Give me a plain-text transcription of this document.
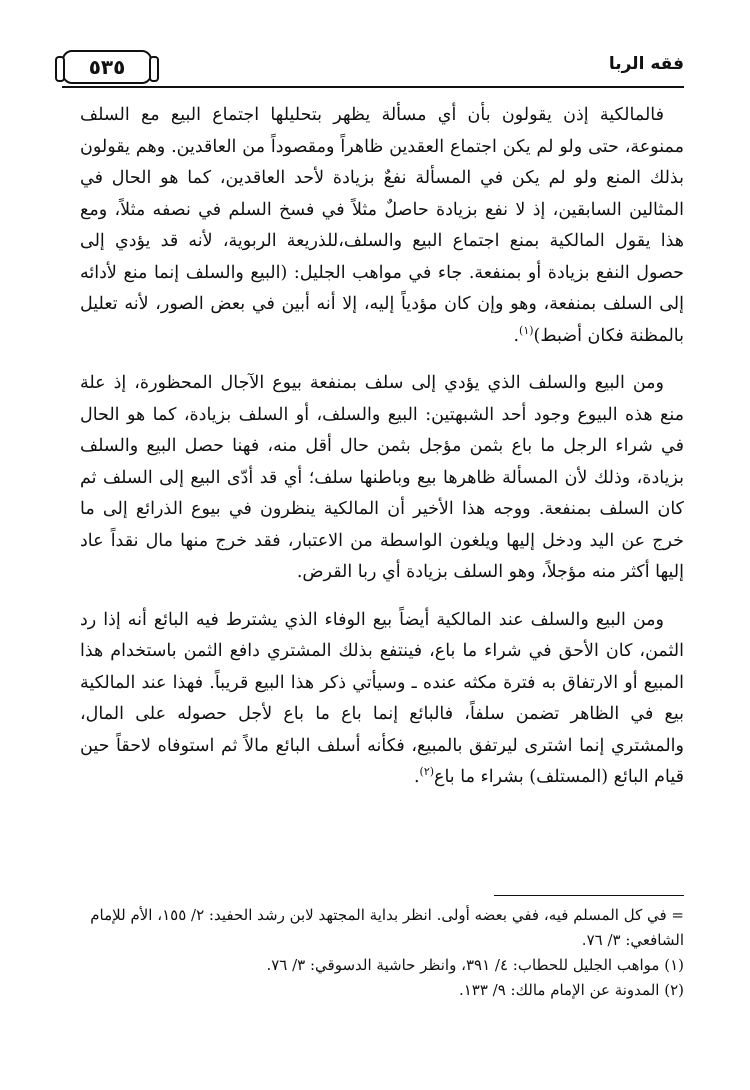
٥٣٥	فقه الربا

فالمالكية إذن يقولون بأن أي مسألة يظهر بتحليلها اجتماع البيع مع السلف ممنوعة، حتى ولو لم يكن اجتماع العقدين ظاهراً ومقصوداً من العاقدين. وهم يقولون بذلك المنع ولو لم يكن في المسألة نفعٌ بزيادة لأحد العاقدين، كما هو الحال في المثالين السابقين، إذ لا نفع بزيادة حاصلٌ مثلاً في فسخ السلم في نصفه مثلاً، ومع هذا يقول المالكية بمنع اجتماع البيع والسلف،للذريعة الربوية، لأنه قد يؤدي إلى حصول النفع بزيادة أو بمنفعة. جاء في مواهب الجليل: (البيع والسلف إنما منع لأدائه إلى السلف بمنفعة، وهو وإن كان مؤدياً إليه، إلا أنه أبين في بعض الصور، لأنه تعليل بالمظنة فكان أضبط)$^{(١)}$.

ومن البيع والسلف الذي يؤدي إلى سلف بمنفعة بيوع الآجال المحظورة، إذ علة منع هذه البيوع وجود أحد الشبهتين: البيع والسلف، أو السلف بزيادة، كما هو الحال في شراء الرجل ما باع بثمن مؤجل بثمن حال أقل منه، فهنا حصل البيع والسلف بزيادة، وذلك لأن المسألة ظاهرها بيع وباطنها سلف؛ أي قد أدّى البيع إلى السلف ثم كان السلف بمنفعة. ووجه هذا الأخير أن المالكية ينظرون في بيوع الذرائع إلى ما خرج عن اليد ودخل إليها ويلغون الواسطة من الاعتبار، فقد خرج منها مال نقداً عاد إليها أكثر منه مؤجلاً، وهو السلف بزيادة أي ربا القرض.

ومن البيع والسلف عند المالكية أيضاً بيع الوفاء الذي يشترط فيه البائع أنه إذا رد الثمن، كان الأحق في شراء ما باع، فينتفع بذلك المشتري دافع الثمن باستخدام هذا المبيع أو الارتفاق به فترة مكثه عنده ـ وسيأتي ذكر هذا البيع قريباً. فهذا عند المالكية بيع في الظاهر تضمن سلفاً، فالبائع إنما باع ما باع لأجل حصوله على المال، والمشتري إنما اشترى ليرتفق بالمبيع، فكأنه أسلف البائع مالاً ثم استوفاه لاحقاً حين قيام البائع (المستلف) بشراء ما باع$^{(٢)}$.

= في كل المسلم فيه، ففي بعضه أولى. انظر بداية المجتهد لابن رشد الحفيد: ٢/ ١٥٥، الأم للإمام الشافعي: ٣/ ٧٦.

(١) مواهب الجليل للحطاب: ٤/ ٣٩١، وانظر حاشية الدسوقي: ٣/ ٧٦.

(٢) المدونة عن الإمام مالك: ٩/ ١٣٣.
